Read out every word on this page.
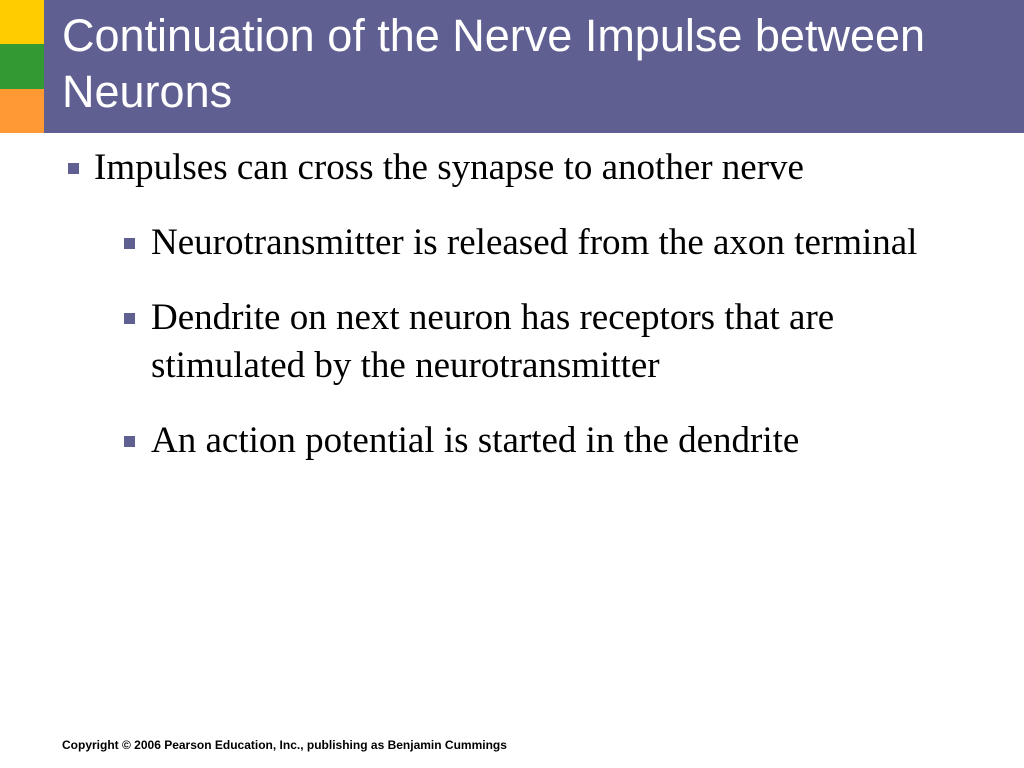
Continuation of the Nerve Impulse between Neurons
Impulses can cross the synapse to another nerve
Neurotransmitter is released from the axon terminal
Dendrite on next neuron has receptors that are stimulated by the neurotransmitter
An action potential is started in the dendrite
Copyright © 2006 Pearson Education, Inc., publishing as Benjamin Cummings
